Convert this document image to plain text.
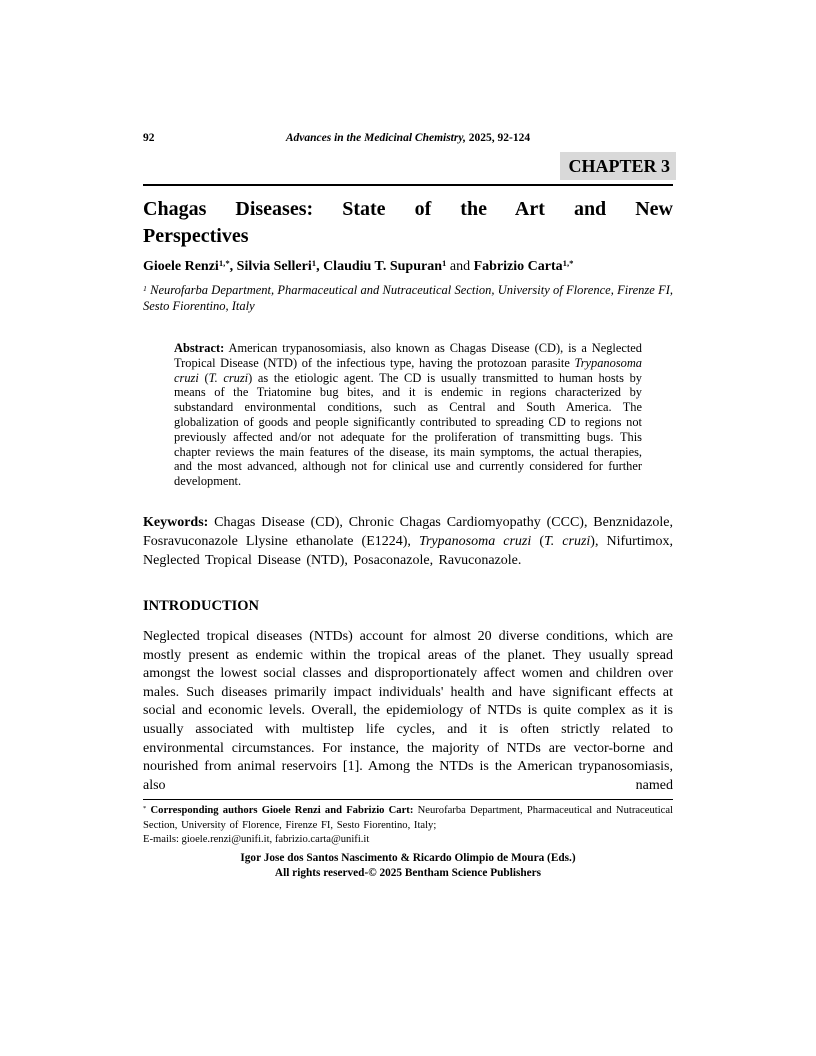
92	Advances in the Medicinal Chemistry, 2025, 92-124
CHAPTER 3
Chagas Diseases: State of the Art and New
Perspectives
Gioele Renzi$^{1,*}$, Silvia Selleri$^1$, Claudiu T. Supuran$^1$ and Fabrizio Carta$^{1,*}$
$^1$ Neurofarba Department, Pharmaceutical and Nutraceutical Section, University of Florence, Firenze FI, Sesto Fiorentino, Italy
Abstract: American trypanosomiasis, also known as Chagas Disease (CD), is a Neglected Tropical Disease (NTD) of the infectious type, having the protozoan parasite Trypanosoma cruzi (T. cruzi) as the etiologic agent. The CD is usually transmitted to human hosts by means of the Triatomine bug bites, and it is endemic in regions characterized by substandard environmental conditions, such as Central and South America. The globalization of goods and people significantly contributed to spreading CD to regions not previously affected and/or not adequate for the proliferation of transmitting bugs. This chapter reviews the main features of the disease, its main symptoms, the actual therapies, and the most advanced, although not for clinical use and currently considered for further development.
Keywords: Chagas Disease (CD), Chronic Chagas Cardiomyopathy (CCC), Benznidazole, Fosravuconazole Llysine ethanolate (E1224), Trypanosoma cruzi (T. cruzi), Nifurtimox, Neglected Tropical Disease (NTD), Posaconazole, Ravuconazole.
INTRODUCTION
Neglected tropical diseases (NTDs) account for almost 20 diverse conditions, which are mostly present as endemic within the tropical areas of the planet. They usually spread amongst the lowest social classes and disproportionately affect women and children over males. Such diseases primarily impact individuals' health and have significant effects at social and economic levels. Overall, the epidemiology of NTDs is quite complex as it is usually associated with multistep life cycles, and it is often strictly related to environmental circumstances. For instance, the majority of NTDs are vector-borne and nourished from animal reservoirs [1]. Among the NTDs is the American trypanosomiasis, also named
* Corresponding authors Gioele Renzi and Fabrizio Cart: Neurofarba Department, Pharmaceutical and Nutraceutical Section, University of Florence, Firenze FI, Sesto Fiorentino, Italy;
E-mails: gioele.renzi@unifi.it, fabrizio.carta@unifi.it
Igor Jose dos Santos Nascimento & Ricardo Olimpio de Moura (Eds.)
All rights reserved-© 2025 Bentham Science Publishers
